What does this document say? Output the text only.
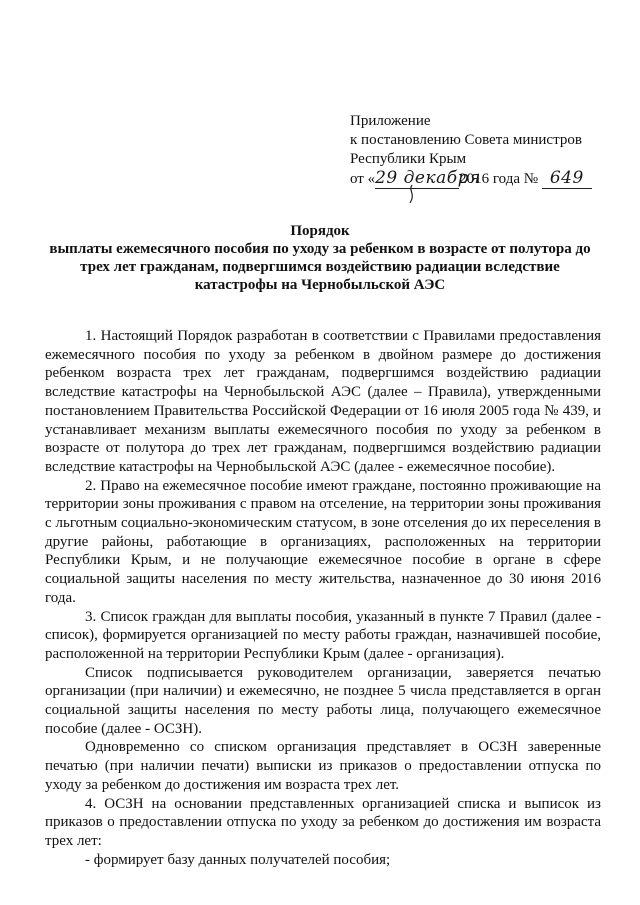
Приложение
к постановлению Совета министров
Республики Крым
от «29 декабря2016 года № 649
Порядок
выплаты ежемесячного пособия по уходу за ребенком в возрасте от полутора до трех лет гражданам, подвергшимся воздействию радиации вследствие катастрофы на Чернобыльской АЭС

1. Настоящий Порядок разработан в соответствии с Правилами предоставления ежемесячного пособия по уходу за ребенком в двойном размере до достижения ребенком возраста трех лет гражданам, подвергшимся воздействию радиации вследствие катастрофы на Чернобыльской АЭС (далее – Правила), утвержденными постановлением Правительства Российской Федерации от 16 июля 2005 года № 439, и устанавливает механизм выплаты ежемесячного пособия по уходу за ребенком в возрасте от полутора до трех лет гражданам, подвергшимся воздействию радиации вследствие катастрофы на Чернобыльской АЭС (далее - ежемесячное пособие).

2. Право на ежемесячное пособие имеют граждане, постоянно проживающие на территории зоны проживания с правом на отселение, на территории зоны проживания с льготным социально-экономическим статусом, в зоне отселения до их переселения в другие районы, работающие в организациях, расположенных на территории Республики Крым, и не получающие ежемесячное пособие в органе в сфере социальной защиты населения по месту жительства, назначенное до 30 июня 2016 года.

3. Список граждан для выплаты пособия, указанный в пункте 7 Правил (далее - список), формируется организацией по месту работы граждан, назначившей пособие, расположенной на территории Республики Крым (далее - организация).

Список подписывается руководителем организации, заверяется печатью организации (при наличии) и ежемесячно, не позднее 5 числа представляется в орган социальной защиты населения по месту работы лица, получающего ежемесячное пособие (далее - ОСЗН).

Одновременно со списком организация представляет в ОСЗН заверенные печатью (при наличии печати) выписки из приказов о предоставлении отпуска по уходу за ребенком до достижения им возраста трех лет.

4. ОСЗН на основании представленных организацией списка и выписок из приказов о предоставлении отпуска по уходу за ребенком до достижения им возраста трех лет:

- формирует базу данных получателей пособия;
